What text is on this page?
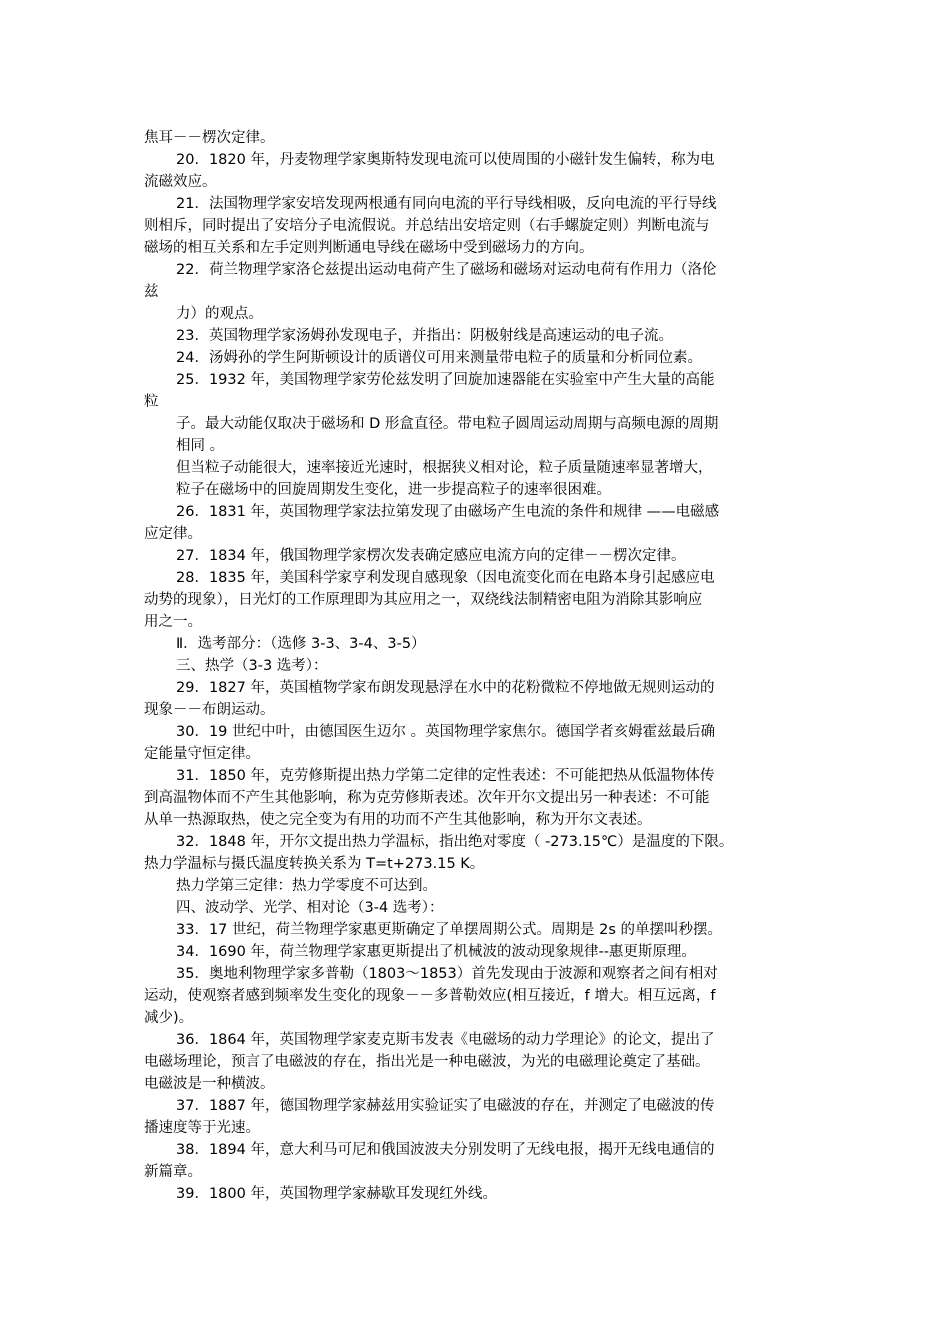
焦耳－－楞次定律。
20．1820 年，丹麦物理学家奥斯特发现电流可以使周围的小磁针发生偏转，称为电
流磁效应。
21．法国物理学家安培发现两根通有同向电流的平行导线相吸，反向电流的平行导线
则相斥，同时提出了安培分子电流假说。并总结出安培定则（右手螺旋定则）判断电流与
磁场的相互关系和左手定则判断通电导线在磁场中受到磁场力的方向。
22．荷兰物理学家洛仑兹提出运动电荷产生了磁场和磁场对运动电荷有作用力（洛伦
兹
力）的观点。
23．英国物理学家汤姆孙发现电子，并指出：阴极射线是高速运动的电子流。
24．汤姆孙的学生阿斯顿设计的质谱仪可用来测量带电粒子的质量和分析同位素。
25．1932 年，美国物理学家劳伦兹发明了回旋加速器能在实验室中产生大量的高能
粒
子。最大动能仅取决于磁场和 D 形盒直径。带电粒子圆周运动周期与高频电源的周期
相同 。
但当粒子动能很大，速率接近光速时，根据狭义相对论，粒子质量随速率显著增大，
粒子在磁场中的回旋周期发生变化，进一步提高粒子的速率很困难。
26．1831 年，英国物理学家法拉第发现了由磁场产生电流的条件和规律 ——电磁感
应定律。
27．1834 年，俄国物理学家楞次发表确定感应电流方向的定律－－楞次定律。
28．1835 年，美国科学家亨利发现自感现象（因电流变化而在电路本身引起感应电
动势的现象），日光灯的工作原理即为其应用之一，双绕线法制精密电阻为消除其影响应
用之一。
Ⅱ．选考部分：（选修 3-3、3-4、3-5）
三、热学（3-3 选考）：
29．1827 年，英国植物学家布朗发现悬浮在水中的花粉微粒不停地做无规则运动的
现象－－布朗运动。
30．19 世纪中叶，由德国医生迈尔 。英国物理学家焦尔。德国学者亥姆霍兹最后确
定能量守恒定律。
31．1850 年，克劳修斯提出热力学第二定律的定性表述：不可能把热从低温物体传
到高温物体而不产生其他影响，称为克劳修斯表述。次年开尔文提出另一种表述：不可能
从单一热源取热，使之完全变为有用的功而不产生其他影响，称为开尔文表述。
32．1848 年，开尔文提出热力学温标，指出绝对零度（ -273.15℃）是温度的下限。
热力学温标与摄氏温度转换关系为 T=t+273.15 K。
热力学第三定律：热力学零度不可达到。
四、波动学、光学、相对论（3-4 选考）：
33．17 世纪，荷兰物理学家惠更斯确定了单摆周期公式。周期是 2s 的单摆叫秒摆。
34．1690 年，荷兰物理学家惠更斯提出了机械波的波动现象规律--惠更斯原理。
35．奥地利物理学家多普勒（1803～1853）首先发现由于波源和观察者之间有相对
运动，使观察者感到频率发生变化的现象－－多普勒效应(相互接近，f 增大。相互远离，f
减少)。
36．1864 年，英国物理学家麦克斯韦发表《电磁场的动力学理论》的论文，提出了
电磁场理论，预言了电磁波的存在，指出光是一种电磁波，为光的电磁理论奠定了基础。
电磁波是一种横波。
37．1887 年，德国物理学家赫兹用实验证实了电磁波的存在，并测定了电磁波的传
播速度等于光速。
38．1894 年，意大利马可尼和俄国波波夫分别发明了无线电报，揭开无线电通信的
新篇章。
39．1800 年，英国物理学家赫歇耳发现红外线。
